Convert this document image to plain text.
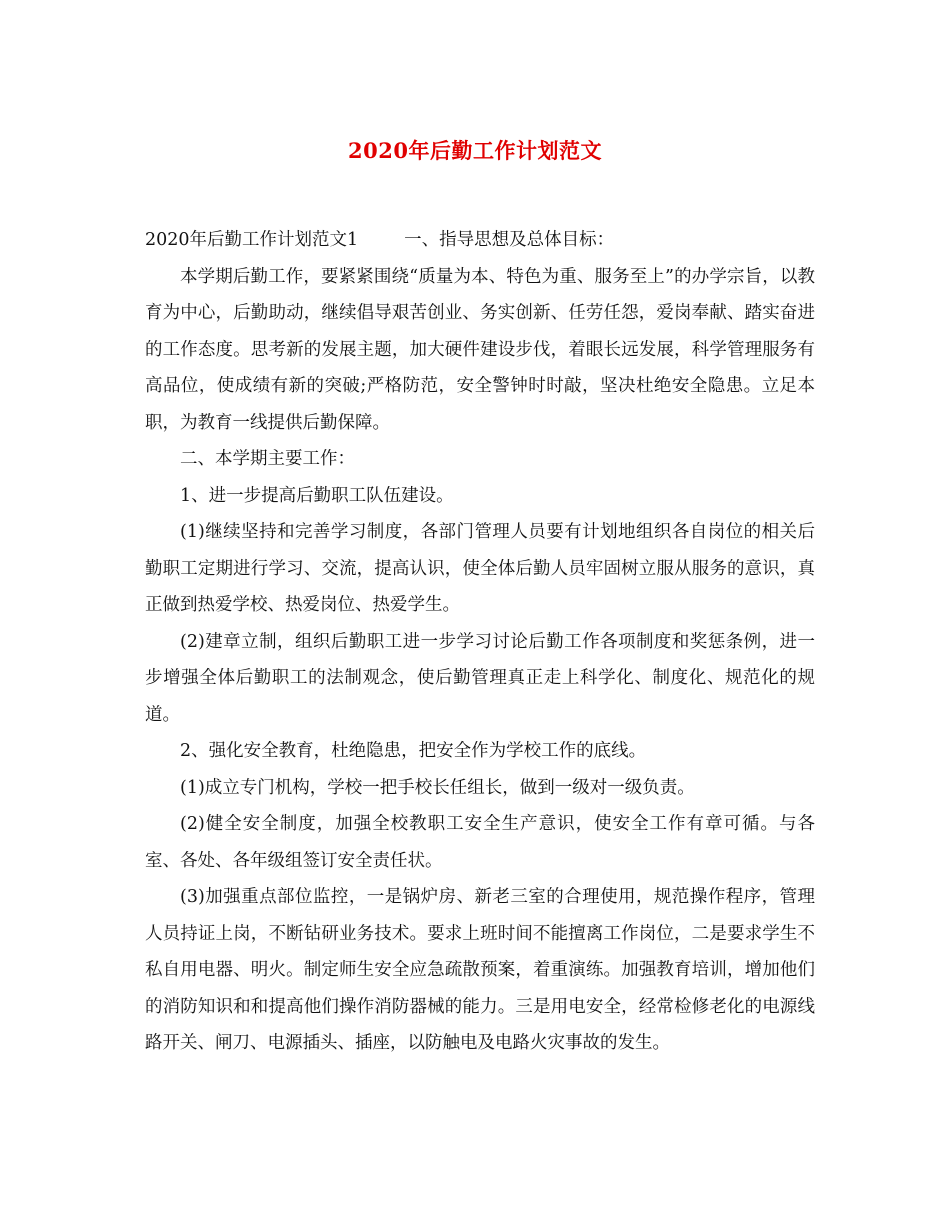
2020年后勤工作计划范文

2020年后勤工作计划范文1	一、指导思想及总体目标：

本学期后勤工作，要紧紧围绕“质量为本、特色为重、服务至上”的办学宗旨，以教育为中心，后勤助动，继续倡导艰苦创业、务实创新、任劳任怨，爱岗奉献、踏实奋进的工作态度。思考新的发展主题，加大硬件建设步伐，着眼长远发展，科学管理服务有高品位，使成绩有新的突破;严格防范，安全警钟时时敲，坚决杜绝安全隐患。立足本职，为教育一线提供后勤保障。

二、本学期主要工作：

1、进一步提高后勤职工队伍建设。

(1)继续坚持和完善学习制度，各部门管理人员要有计划地组织各自岗位的相关后勤职工定期进行学习、交流，提高认识，使全体后勤人员牢固树立服从服务的意识，真正做到热爱学校、热爱岗位、热爱学生。

(2)建章立制，组织后勤职工进一步学习讨论后勤工作各项制度和奖惩条例，进一步增强全体后勤职工的法制观念，使后勤管理真正走上科学化、制度化、规范化的规道。

2、强化安全教育，杜绝隐患，把安全作为学校工作的底线。

(1)成立专门机构，学校一把手校长任组长，做到一级对一级负责。

(2)健全安全制度，加强全校教职工安全生产意识，使安全工作有章可循。与各室、各处、各年级组签订安全责任状。

(3)加强重点部位监控，一是锅炉房、新老三室的合理使用，规范操作程序，管理人员持证上岗，不断钻研业务技术。要求上班时间不能擅离工作岗位，二是要求学生不私自用电器、明火。制定师生安全应急疏散预案，着重演练。加强教育培训，增加他们的消防知识和和提高他们操作消防器械的能力。三是用电安全，经常检修老化的电源线路开关、闸刀、电源插头、插座，以防触电及电路火灾事故的发生。
